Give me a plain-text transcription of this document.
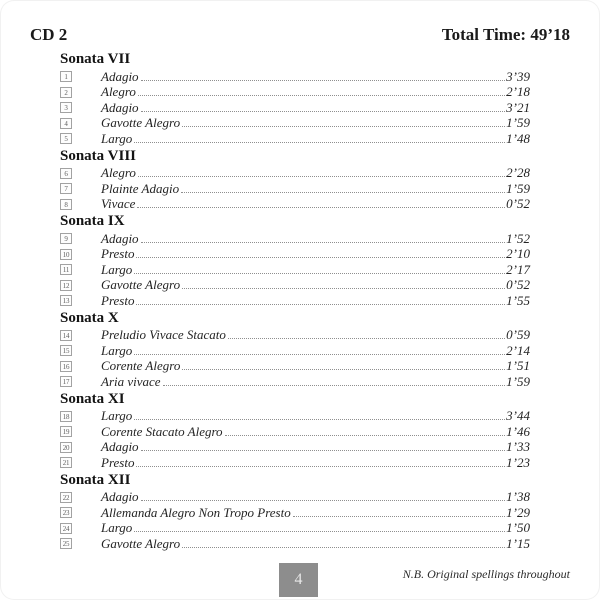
CD 2	Total Time: 49’18
Sonata VII
1	Adagio	3’39
2	Alegro	2’18
3	Adagio	3’21
4	Gavotte Alegro	1’59
5	Largo	1’48
Sonata VIII
6	Alegro	2’28
7	Plainte Adagio	1’59
8	Vivace	0’52
Sonata IX
9	Adagio	1’52
10 Presto	2’10
11 Largo	2’17
12 Gavotte Alegro	0’52
13 Presto	1’55
Sonata X
14 Preludio Vivace Stacato	0’59
15 Largo	2’14
16 Corente Alegro	1’51
17 Aria vivace	1’59
Sonata XI
18 Largo	3’44
19 Corente Stacato Alegro	1’46
20 Adagio	1’33
21 Presto	1’23
Sonata XII
22 Adagio	1’38
23 Allemanda Alegro Non Tropo Presto	1’29
24 Largo	1’50
25 Gavotte Alegro	1’15
4	N.B. Original spellings throughout
